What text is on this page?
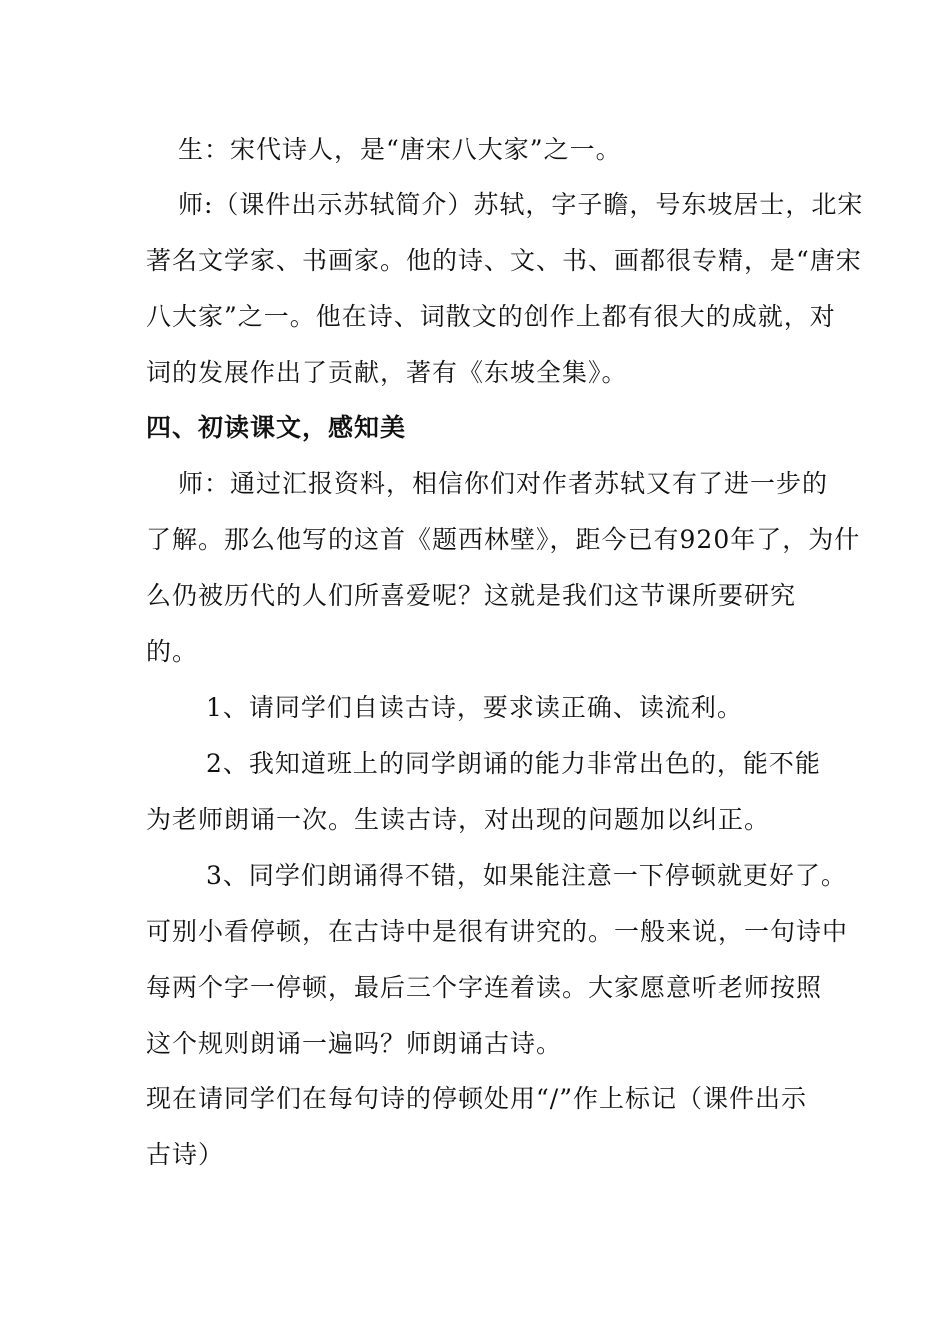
生：宋代诗人，是“唐宋八大家”之一。
师:（课件出示苏轼简介）苏轼，字子瞻，号东坡居士，北宋
著名文学家、书画家。他的诗、文、书、画都很专精，是“唐宋
八大家”之一。他在诗、词散文的创作上都有很大的成就，对
词的发展作出了贡献，著有《东坡全集》。
四、初读课文，感知美
师：通过汇报资料，相信你们对作者苏轼又有了进一步的
了解。那么他写的这首《题西林壁》，距今已有920年了，为什
么仍被历代的人们所喜爱呢？这就是我们这节课所要研究
的。
1、请同学们自读古诗，要求读正确、读流利。
2、我知道班上的同学朗诵的能力非常出色的，能不能
为老师朗诵一次。生读古诗，对出现的问题加以纠正。
3、同学们朗诵得不错，如果能注意一下停顿就更好了。
可别小看停顿，在古诗中是很有讲究的。一般来说，一句诗中
每两个字一停顿，最后三个字连着读。大家愿意听老师按照
这个规则朗诵一遍吗？师朗诵古诗。
现在请同学们在每句诗的停顿处用“/”作上标记（课件出示
古诗）
